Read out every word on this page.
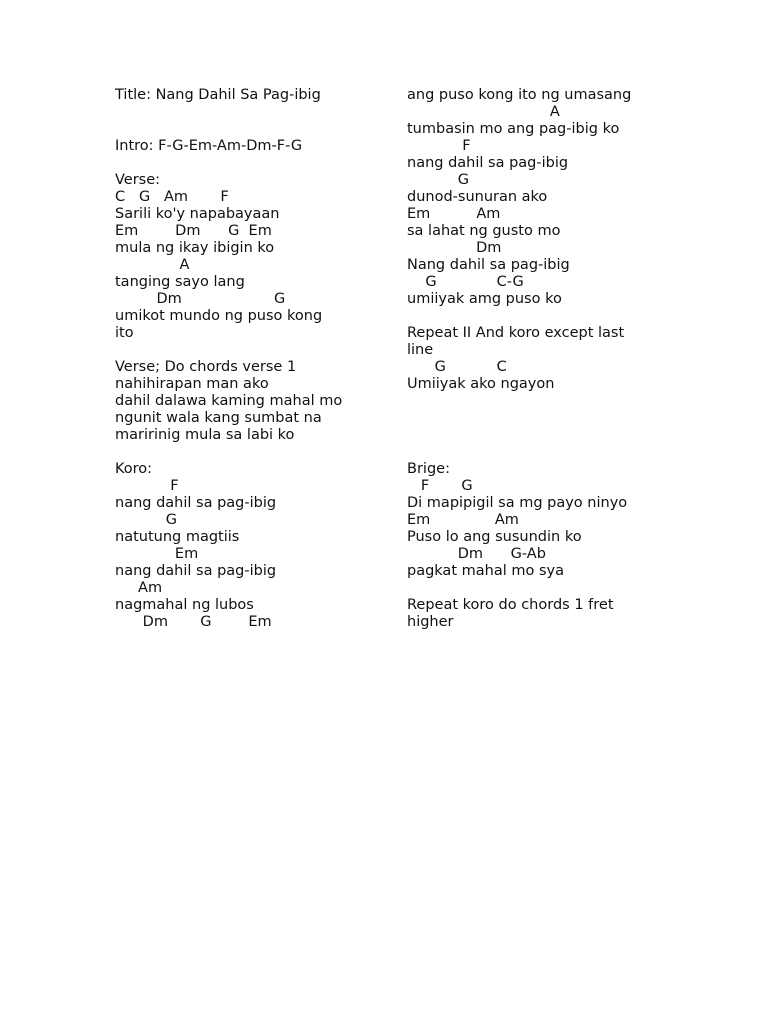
Title: Nang Dahil Sa Pag-ibig
Intro: F-G-Em-Am-Dm-F-G
Verse:
C   G   Am       F
Sarili ko'y napabayaan
Em        Dm      G  Em
mula ng ikay ibigin ko
A
tanging sayo lang
Dm                    G
umikot mundo ng puso kong
ito
Verse; Do chords verse 1
nahihirapan man ako
dahil dalawa kaming mahal mo
ngunit wala kang sumbat na
maririnig mula sa labi ko
Koro:
F
nang dahil sa pag-ibig
G
natutung magtiis
Em
nang dahil sa pag-ibig
Am
nagmahal ng lubos
Dm       G        Em
ang puso kong ito ng umasang
A
tumbasin mo ang pag-ibig ko
F
nang dahil sa pag-ibig
G
dunod-sunuran ako
Em          Am
sa lahat ng gusto mo
Dm
Nang dahil sa pag-ibig
G             C-G
umiiyak amg puso ko
Repeat II And koro except last
line
G           C
Umiiyak ako ngayon
Brige:
F       G
Di mapipigil sa mg payo ninyo
Em              Am
Puso lo ang susundin ko
Dm      G-Ab
pagkat mahal mo sya
Repeat koro do chords 1 fret
higher
